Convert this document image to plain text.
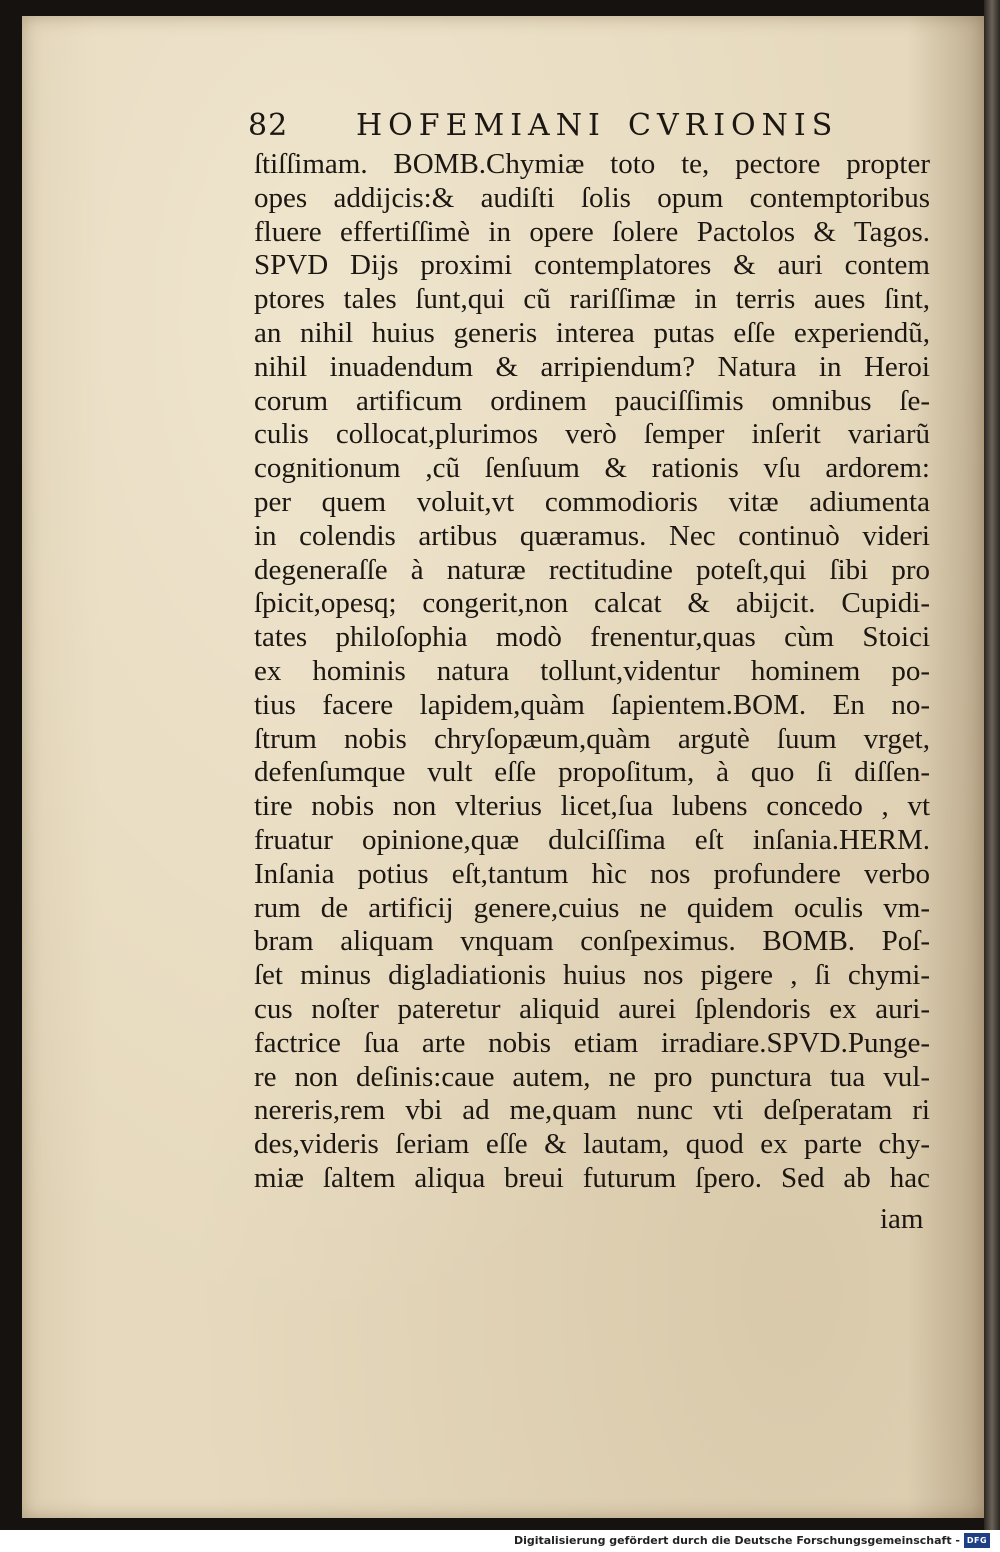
82 HOFEMIANI CVRIONIS
ſtiſſimam. BOMB.Chymiæ toto te, pectore propter
opes addijcis:& audiſti ſolis opum contemptoribus
fluere effertiſſimè in opere ſolere Pactolos & Tagos.
SPVD Dijs proximi contemplatores & auri contem
ptores tales ſunt,qui cũ rariſſimæ in terris aues ſint,
an nihil huius generis interea putas eſſe experiendũ,
nihil inuadendum & arripiendum? Natura in Heroi
corum artificum ordinem pauciſſimis omnibus ſe-
culis collocat,plurimos verò ſemper inſerit variarũ
cognitionum ,cũ ſenſuum & rationis vſu ardorem:
per quem voluit,vt commodioris vitæ adiumenta
in colendis artibus quæramus. Nec continuò videri
degeneraſſe à naturæ rectitudine poteſt,qui ſibi pro
ſpicit,opesq; congerit,non calcat & abijcit. Cupidi-
tates philoſophia modò frenentur,quas cùm Stoici
ex hominis natura tollunt,videntur hominem po-
tius facere lapidem,quàm ſapientem.BOM. En no-
ſtrum nobis chryſopæum,quàm argutè ſuum vrget,
defenſumque vult eſſe propoſitum, à quo ſi diſſen-
tire nobis non vlterius licet,ſua lubens concedo , vt
fruatur opinione,quæ dulciſſima eſt inſania.HERM.
Inſania potius eſt,tantum hìc nos profundere verbo
rum de artificij genere,cuius ne quidem oculis vm-
bram aliquam vnquam conſpeximus. BOMB. Poſ-
ſet minus digladiationis huius nos pigere , ſi chymi-
cus noſter pateretur aliquid aurei ſplendoris ex auri-
factrice ſua arte nobis etiam irradiare.SPVD.Punge-
re non deſinis:caue autem, ne pro punctura tua vul-
nereris,rem vbi ad me,quam nunc vti deſperatam ri
des,videris ſeriam eſſe & lautam, quod ex parte chy-
miæ ſaltem aliqua breui futurum ſpero. Sed ab hac
iam
Digitalisierung gefördert durch die Deutsche Forschungsgemeinschaft - DFG
